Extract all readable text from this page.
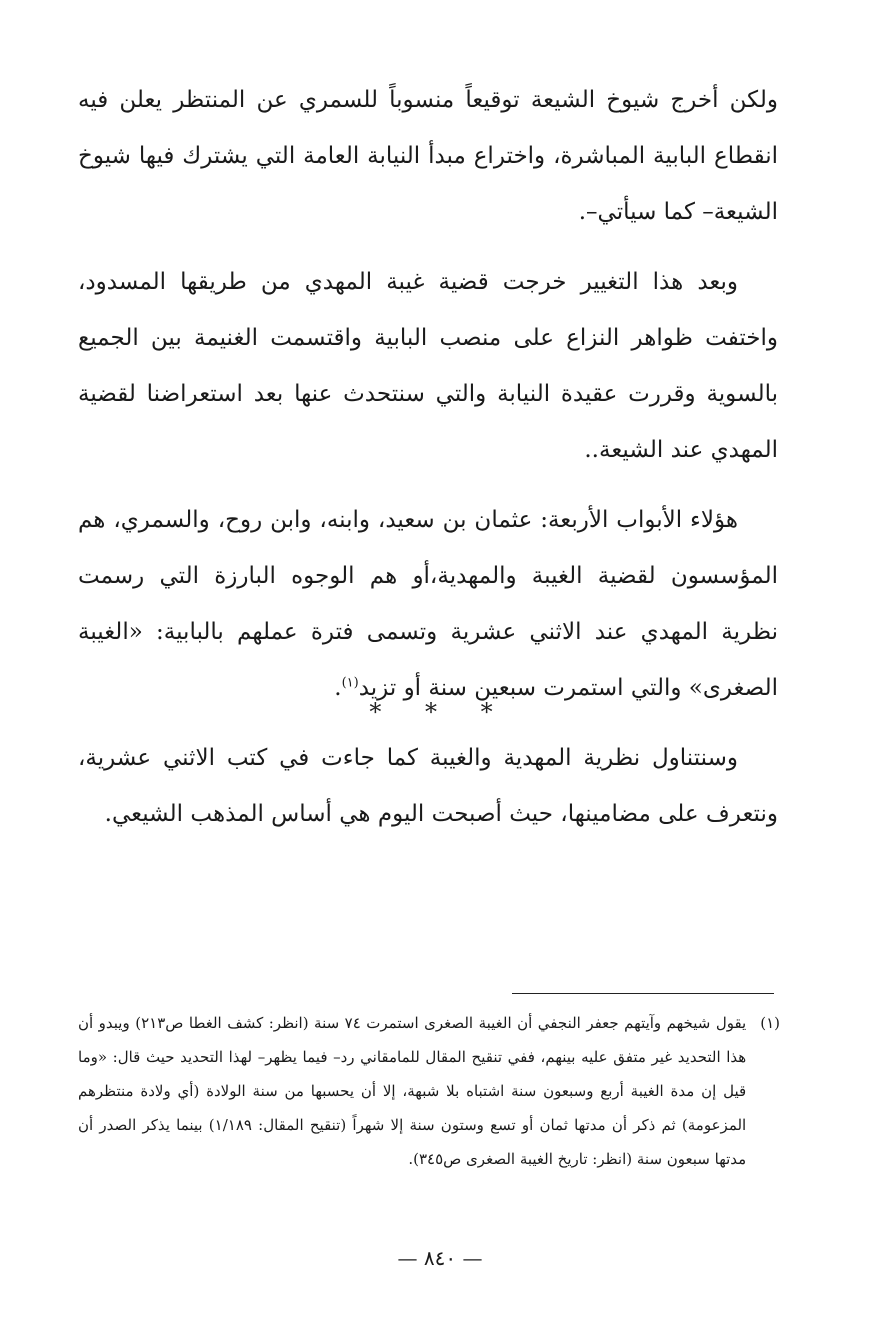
ولكن أخرج شيوخ الشيعة توقيعاً منسوباً للسمري عن المنتظر يعلن فيه انقطاع البابية المباشرة، واختراع مبدأ النيابة العامة التي يشترك فيها شيوخ الشيعة– كما سيأتي–.

وبعد هذا التغيير خرجت قضية غيبة المهدي من طريقها المسدود، واختفت ظواهر النزاع على منصب البابية واقتسمت الغنيمة بين الجميع بالسوية وقررت عقيدة النيابة والتي سنتحدث عنها بعد استعراضنا لقضية المهدي عند الشيعة..

هؤلاء الأبواب الأربعة: عثمان بن سعيد، وابنه، وابن روح، والسمري، هم المؤسسون لقضية الغيبة والمهدية،أو هم الوجوه البارزة التي رسمت نظرية المهدي عند الاثني عشرية وتسمى فترة عملهم بالبابية: «الغيبة الصغرى» والتي استمرت سبعين سنة أو تزيد$^{(١)}$.

وسنتناول نظرية المهدية والغيبة كما جاءت في كتب الاثني عشرية، ونتعرف على مضامينها، حيث أصبحت اليوم هي أساس المذهب الشيعي.

* * *
(١)
يقول شيخهم وآيتهم جعفر النجفي أن الغيبة الصغرى استمرت ٧٤ سنة (انظر: كشف الغطا ص٢١٣) ويبدو أن هذا التحديد غير متفق عليه بينهم، ففي تنقيح المقال للمامقاني رد– فيما يظهر– لهذا التحديد حيث قال: «وما قيل إن مدة الغيبة أربع وسبعون سنة اشتباه بلا شبهة، إلا أن يحسبها من سنة الولادة (أي ولادة منتظرهم المزعومة) ثم ذكر أن مدتها ثمان أو تسع وستون سنة إلا شهراً (تنقيح المقال: ١/١٨٩) بينما يذكر الصدر أن مدتها سبعون سنة (انظر: تاريخ الغيبة الصغرى ص٣٤٥).
— ٨٤٠ —
